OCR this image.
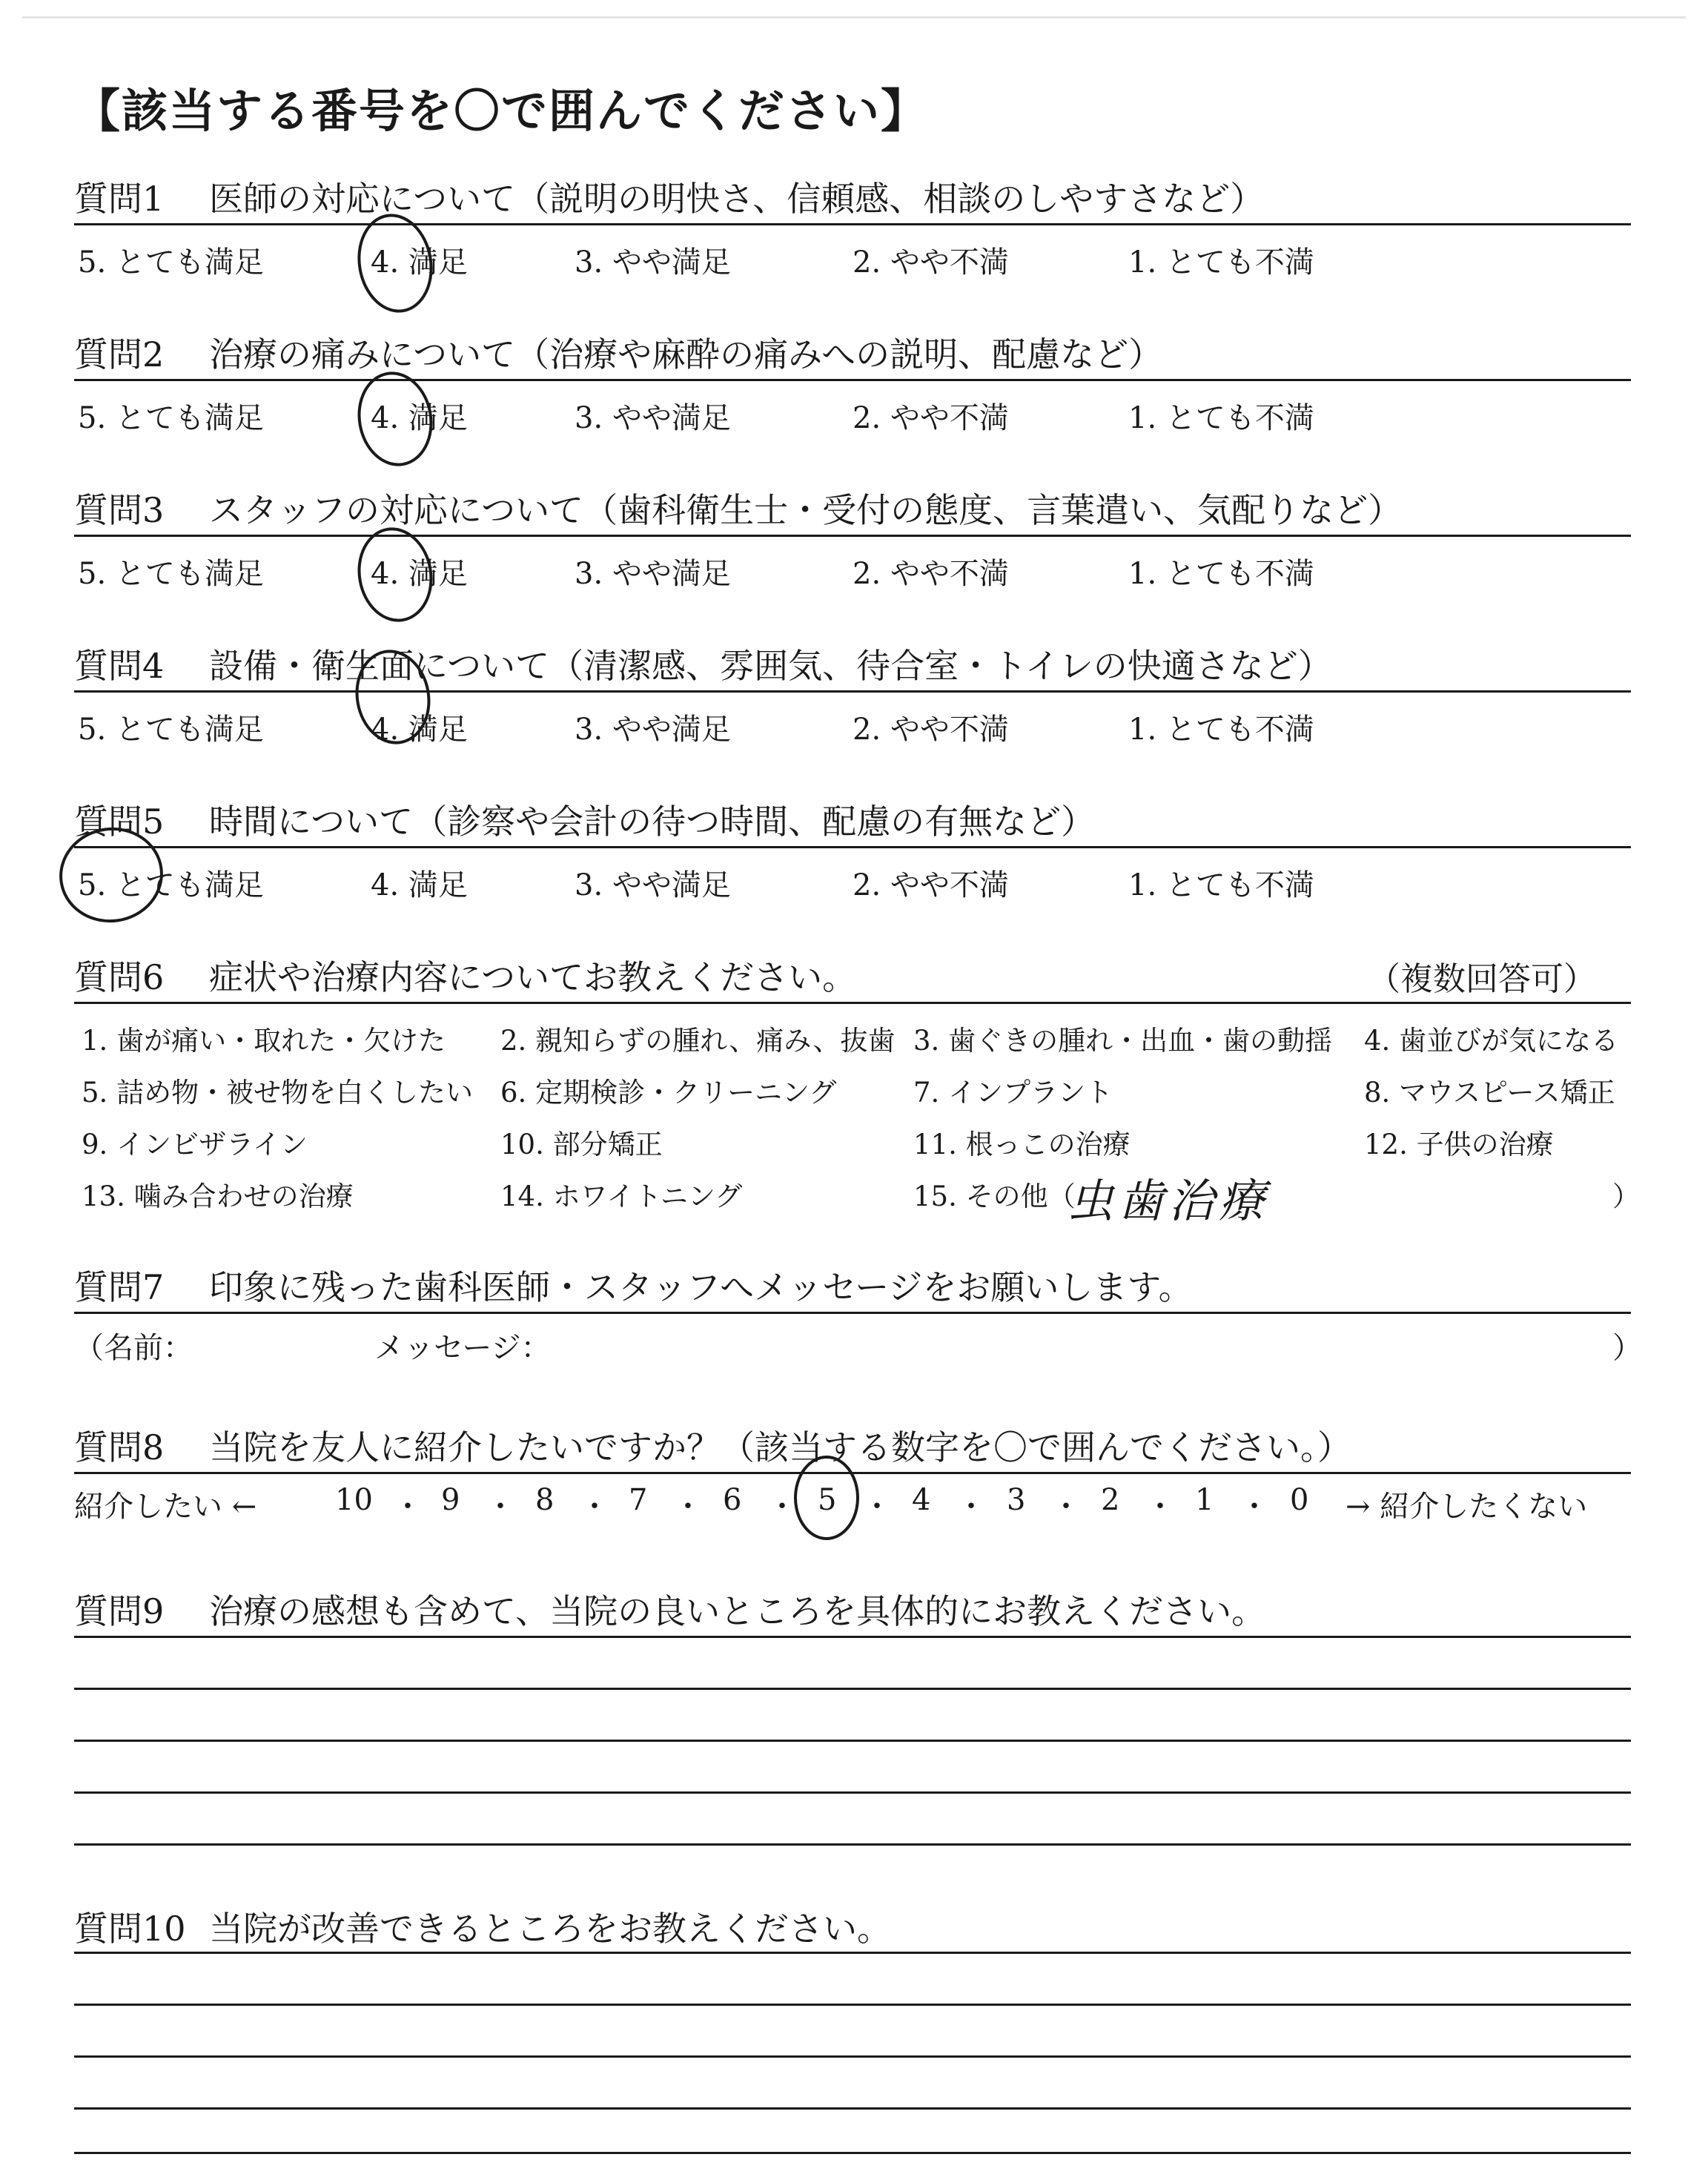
【該当する番号を〇で囲んでください】
質問1 医師の対応について（説明の明快さ、信頼感、相談のしやすさなど）
5. とても満足	4. 満足	3. やや満足	2. やや不満	1. とても不満
質問2 治療の痛みについて（治療や麻酔の痛みへの説明、配慮など）
5. とても満足	4. 満足	3. やや満足	2. やや不満	1. とても不満
質問3 スタッフの対応について（歯科衛生士・受付の態度、言葉遣い、気配りなど）
5. とても満足	4. 満足	3. やや満足	2. やや不満	1. とても不満
質問4 設備・衛生面について（清潔感、雰囲気、待合室・トイレの快適さなど）
5. とても満足	4. 満足	3. やや満足	2. やや不満	1. とても不満
質問5 時間について（診察や会計の待つ時間、配慮の有無など）
5. とても満足	4. 満足	3. やや満足	2. やや不満	1. とても不満
質問6 症状や治療内容についてお教えください。	（複数回答可）
1. 歯が痛い・取れた・欠けた 2. 親知らずの腫れ、痛み、抜歯 3. 歯ぐきの腫れ・出血・歯の動揺 4. 歯並びが気になる
5. 詰め物・被せ物を白くしたい 6. 定期検診・クリーニング	7. インプラント	8. マウスピース矯正
9. インビザライン	10. 部分矯正	11. 根っこの治療	12. 子供の治療
13. 噛み合わせの治療	14. ホワイトニング	15. その他（
虫歯治療	）
質問7 印象に残った歯科医師・スタッフへメッセージをお願いします。
（名前：	メッセージ：	）
質問8 当院を友人に紹介したいですか？（該当する数字を〇で囲んでください。）
紹介したい ←	10 ・ 9 ・ 8 ・ 7 ・ 6 ・ 5 ・ 4 ・ 3 ・ 2 ・ 1 ・ 0 → 紹介したくない
質問9 治療の感想も含めて、当院の良いところを具体的にお教えください。
質問10 当院が改善できるところをお教えください。
